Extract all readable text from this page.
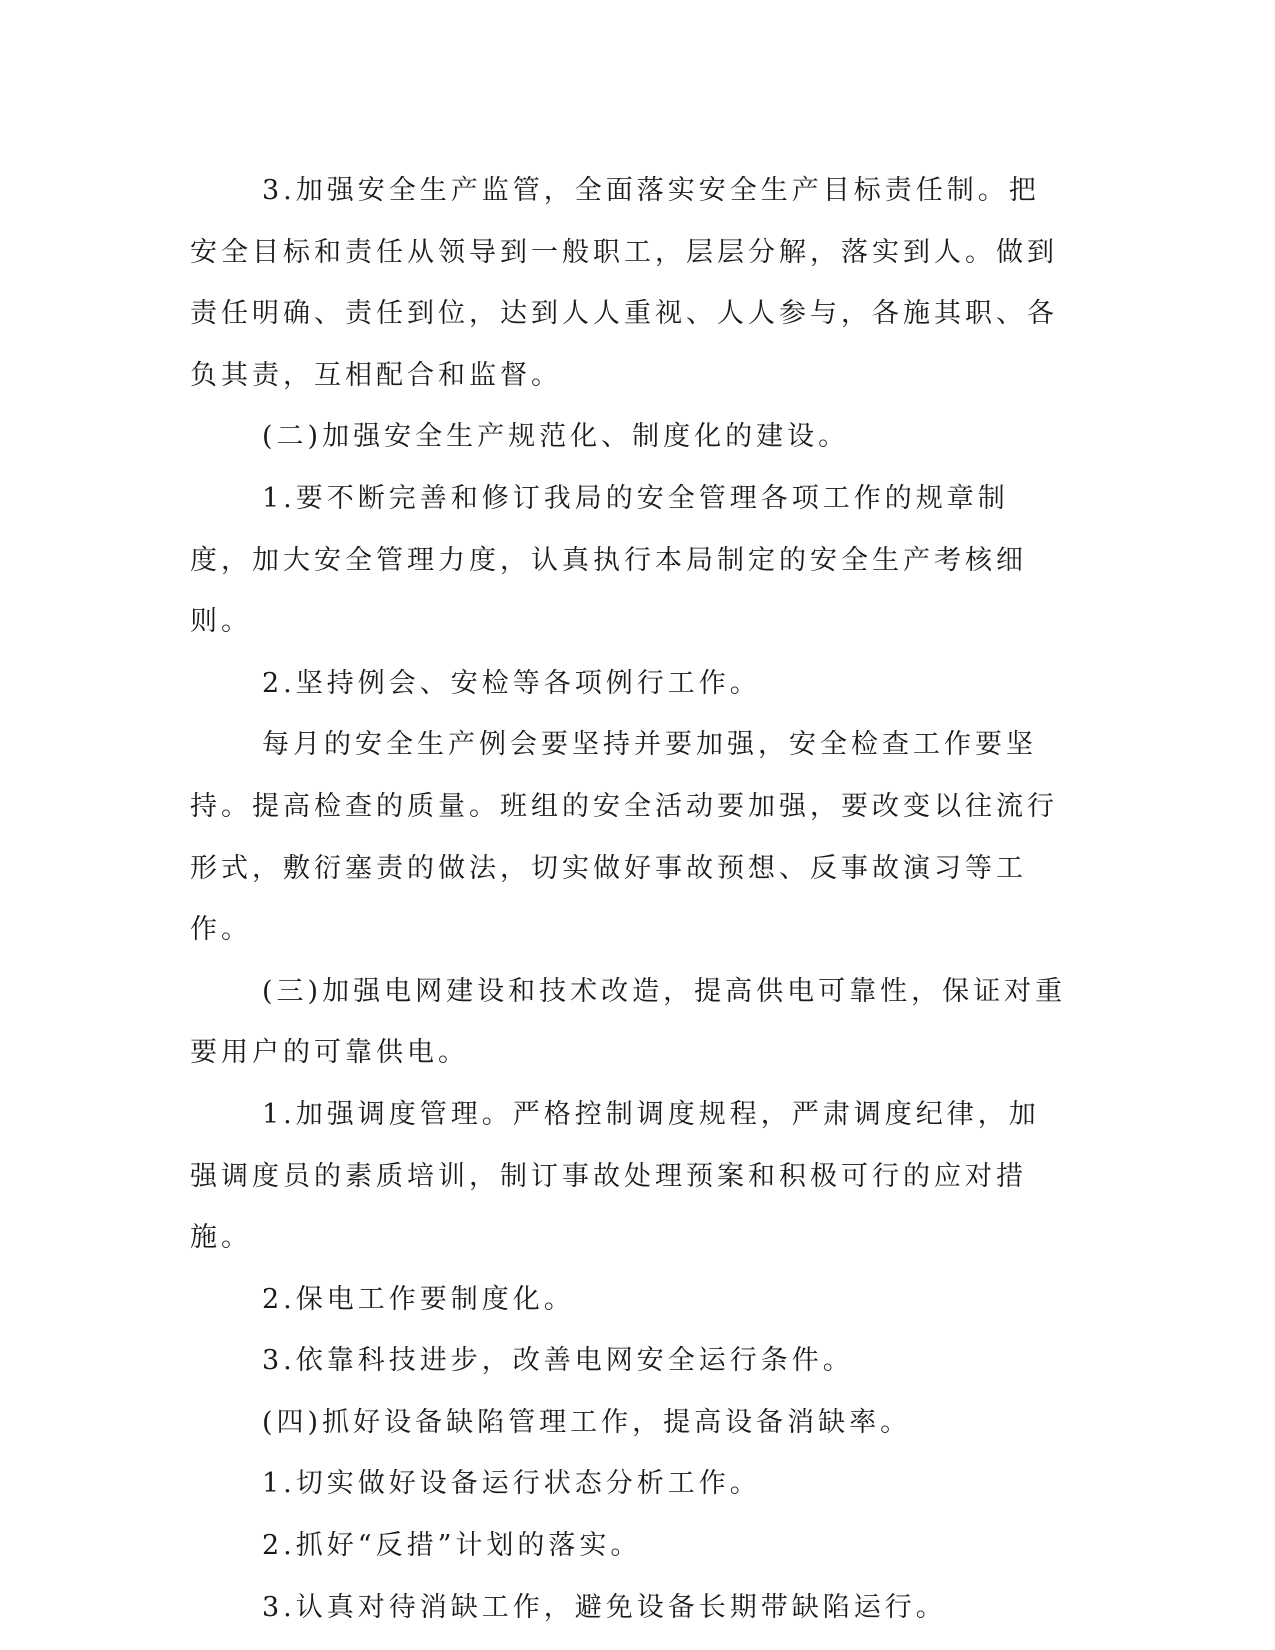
3.加强安全生产监管，全面落实安全生产目标责任制。把安全目标和责任从领导到一般职工，层层分解，落实到人。做到责任明确、责任到位，达到人人重视、人人参与，各施其职、各负其责，互相配合和监督。

(二)加强安全生产规范化、制度化的建设。

1.要不断完善和修订我局的安全管理各项工作的规章制度，加大安全管理力度，认真执行本局制定的安全生产考核细则。

2.坚持例会、安检等各项例行工作。

每月的安全生产例会要坚持并要加强，安全检查工作要坚持。提高检查的质量。班组的安全活动要加强，要改变以往流行形式，敷衍塞责的做法，切实做好事故预想、反事故演习等工作。

(三)加强电网建设和技术改造，提高供电可靠性，保证对重要用户的可靠供电。

1.加强调度管理。严格控制调度规程，严肃调度纪律，加强调度员的素质培训，制订事故处理预案和积极可行的应对措施。

2.保电工作要制度化。

3.依靠科技进步，改善电网安全运行条件。

(四)抓好设备缺陷管理工作，提高设备消缺率。

1.切实做好设备运行状态分析工作。

2.抓好“反措”计划的落实。

3.认真对待消缺工作，避免设备长期带缺陷运行。
